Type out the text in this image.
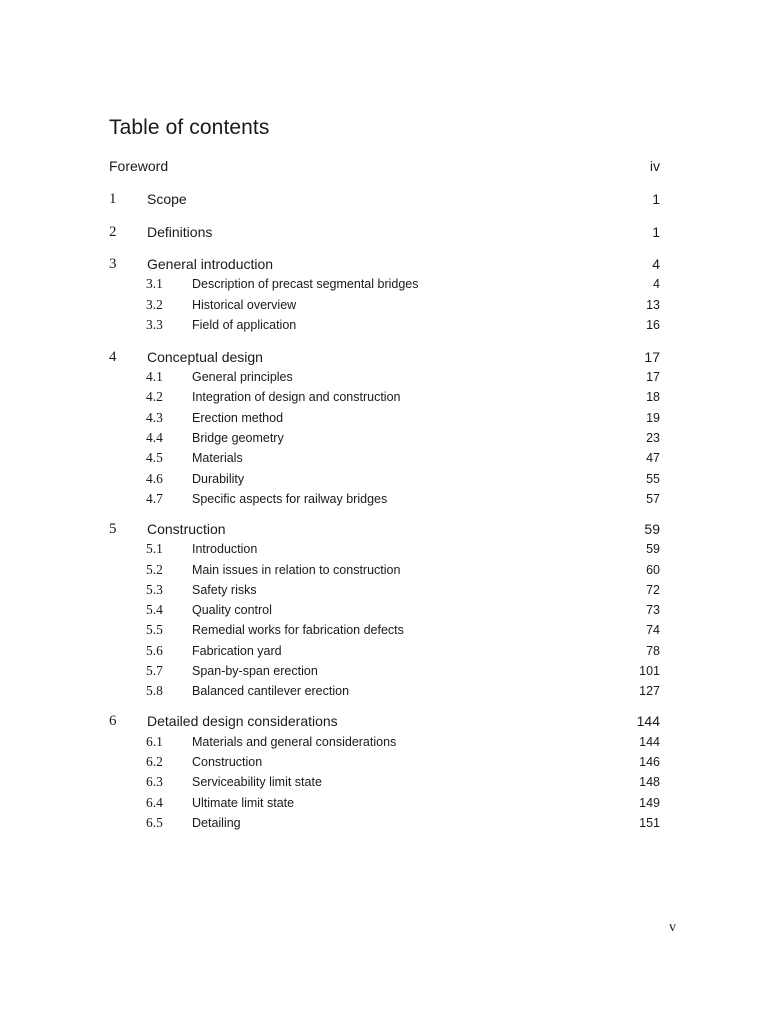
Table of contents
Foreword	iv
1 Scope	1
2 Definitions	1
3 General introduction	4
3.1 Description of precast segmental bridges	4
3.2 Historical overview	13
3.3 Field of application	16
4 Conceptual design	17
4.1 General principles	17
4.2 Integration of design and construction	18
4.3 Erection method	19
4.4 Bridge geometry	23
4.5 Materials	47
4.6 Durability	55
4.7 Specific aspects for railway bridges	57
5 Construction	59
5.1 Introduction	59
5.2 Main issues in relation to construction	60
5.3 Safety risks	72
5.4 Quality control	73
5.5 Remedial works for fabrication defects	74
5.6 Fabrication yard	78
5.7 Span-by-span erection	101
5.8 Balanced cantilever erection	127
6 Detailed design considerations	144
6.1 Materials and general considerations	144
6.2 Construction	146
6.3 Serviceability limit state	148
6.4 Ultimate limit state	149
6.5 Detailing	151
v
